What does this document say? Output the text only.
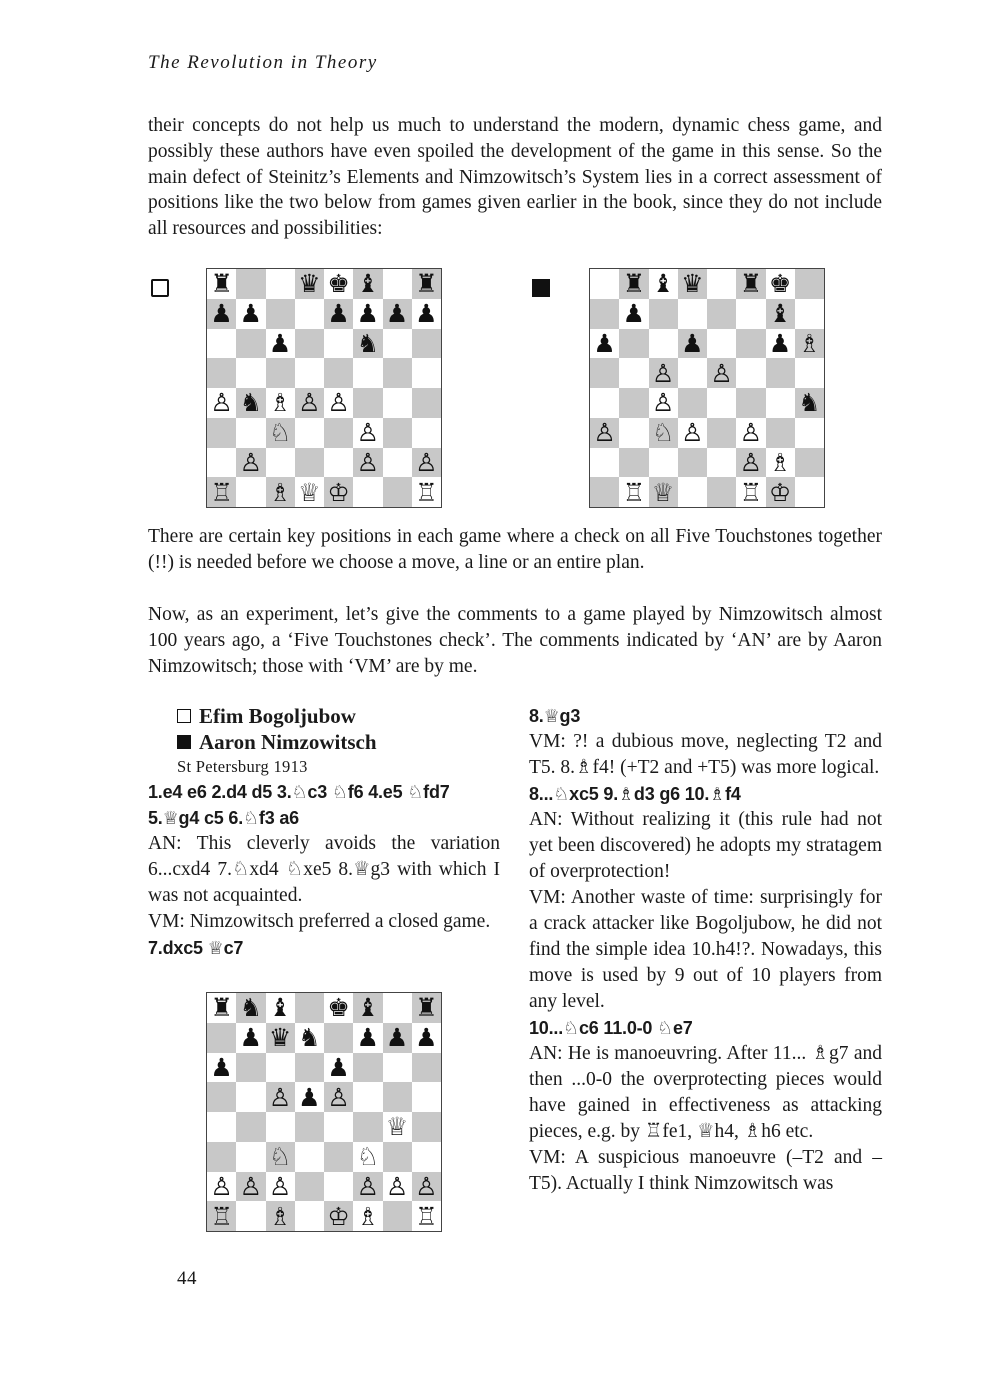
The Revolution in Theory

their concepts do not help us much to understand the modern, dynamic chess game, and possibly these authors have even spoiled the development of the game in this sense. So the main defect of Steinitz’s Elements and Nimzowitsch’s System lies in a correct assessment of positions like the two below from games given earlier in the book, since they do not include all resources and possibilities:

♜	♛ ♚ ♝ ♜
♟ ♟	♟ ♟ ♟ ♟
♟	♞
♙ ♞ ♗ ♙ ♙
♘	♙
♙	♙ ♙
♖ ♗ ♕ ♔	♖
♜ ♝ ♛ ♜ ♚
♟	♝
♟	♟	♟ ♗
♙ ♙
♙	♞
♙ ♘ ♙ ♙
♙ ♗
♖ ♕	♖ ♔

There are certain key positions in each game where a check on all Five Touchstones together (!!) is needed before we choose a move, a line or an entire plan.

Now, as an experiment, let’s give the comments to a game played by Nimzowitsch almost 100 years ago, a ‘Five Touchstones check’. The comments indicated by ‘AN’ are by Aaron Nimzowitsch; those with ‘VM’ are by me.

Efim Bogoljubow
Aaron Nimzowitsch
St Petersburg 1913
1.e4 e6 2.d4 d5 3.♘c3 ♘f6 4.e5 ♘fd7 5.♕g4 c5 6.♘f3 a6

AN: This cleverly avoids the variation 6...cxd4 7.♘xd4 ♘xe5 8.♕g3 with which I was not acquainted.

VM: Nimzowitsch preferred a closed game.

7.dxc5 ♕c7
♜ ♞ ♝ ♚ ♝ ♜
♟ ♛ ♞ ♟ ♟ ♟
♟	♟
♙ ♟ ♙
♕
♘	♘
♙ ♙ ♙	♙ ♙ ♙
♖ ♗ ♔ ♗ ♖
8.♕g3

VM: ?! a dubious move, neglecting T2 and T5. 8.♗f4! (+T2 and +T5) was more logical.

8...♘xc5 9.♗d3 g6 10.♗f4

AN: Without realizing it (this rule had not yet been discovered) he adopts my stratagem of overprotection!

VM: Another waste of time: surprisingly for a crack attacker like Bogoljubow, he did not find the simple idea 10.h4!?. Nowadays, this move is used by 9 out of 10 players from any level.

10...♘c6 11.0-0 ♘e7

AN: He is manoeuvring. After 11... ♗g7 and then ...0-0 the overprotecting pieces would have gained in effectiveness as attacking pieces, e.g. by ♖fe1, ♕h4, ♗h6 etc.

VM: A suspicious manoeuvre (–T2 and –T5). Actually I think Nimzowitsch was

44
